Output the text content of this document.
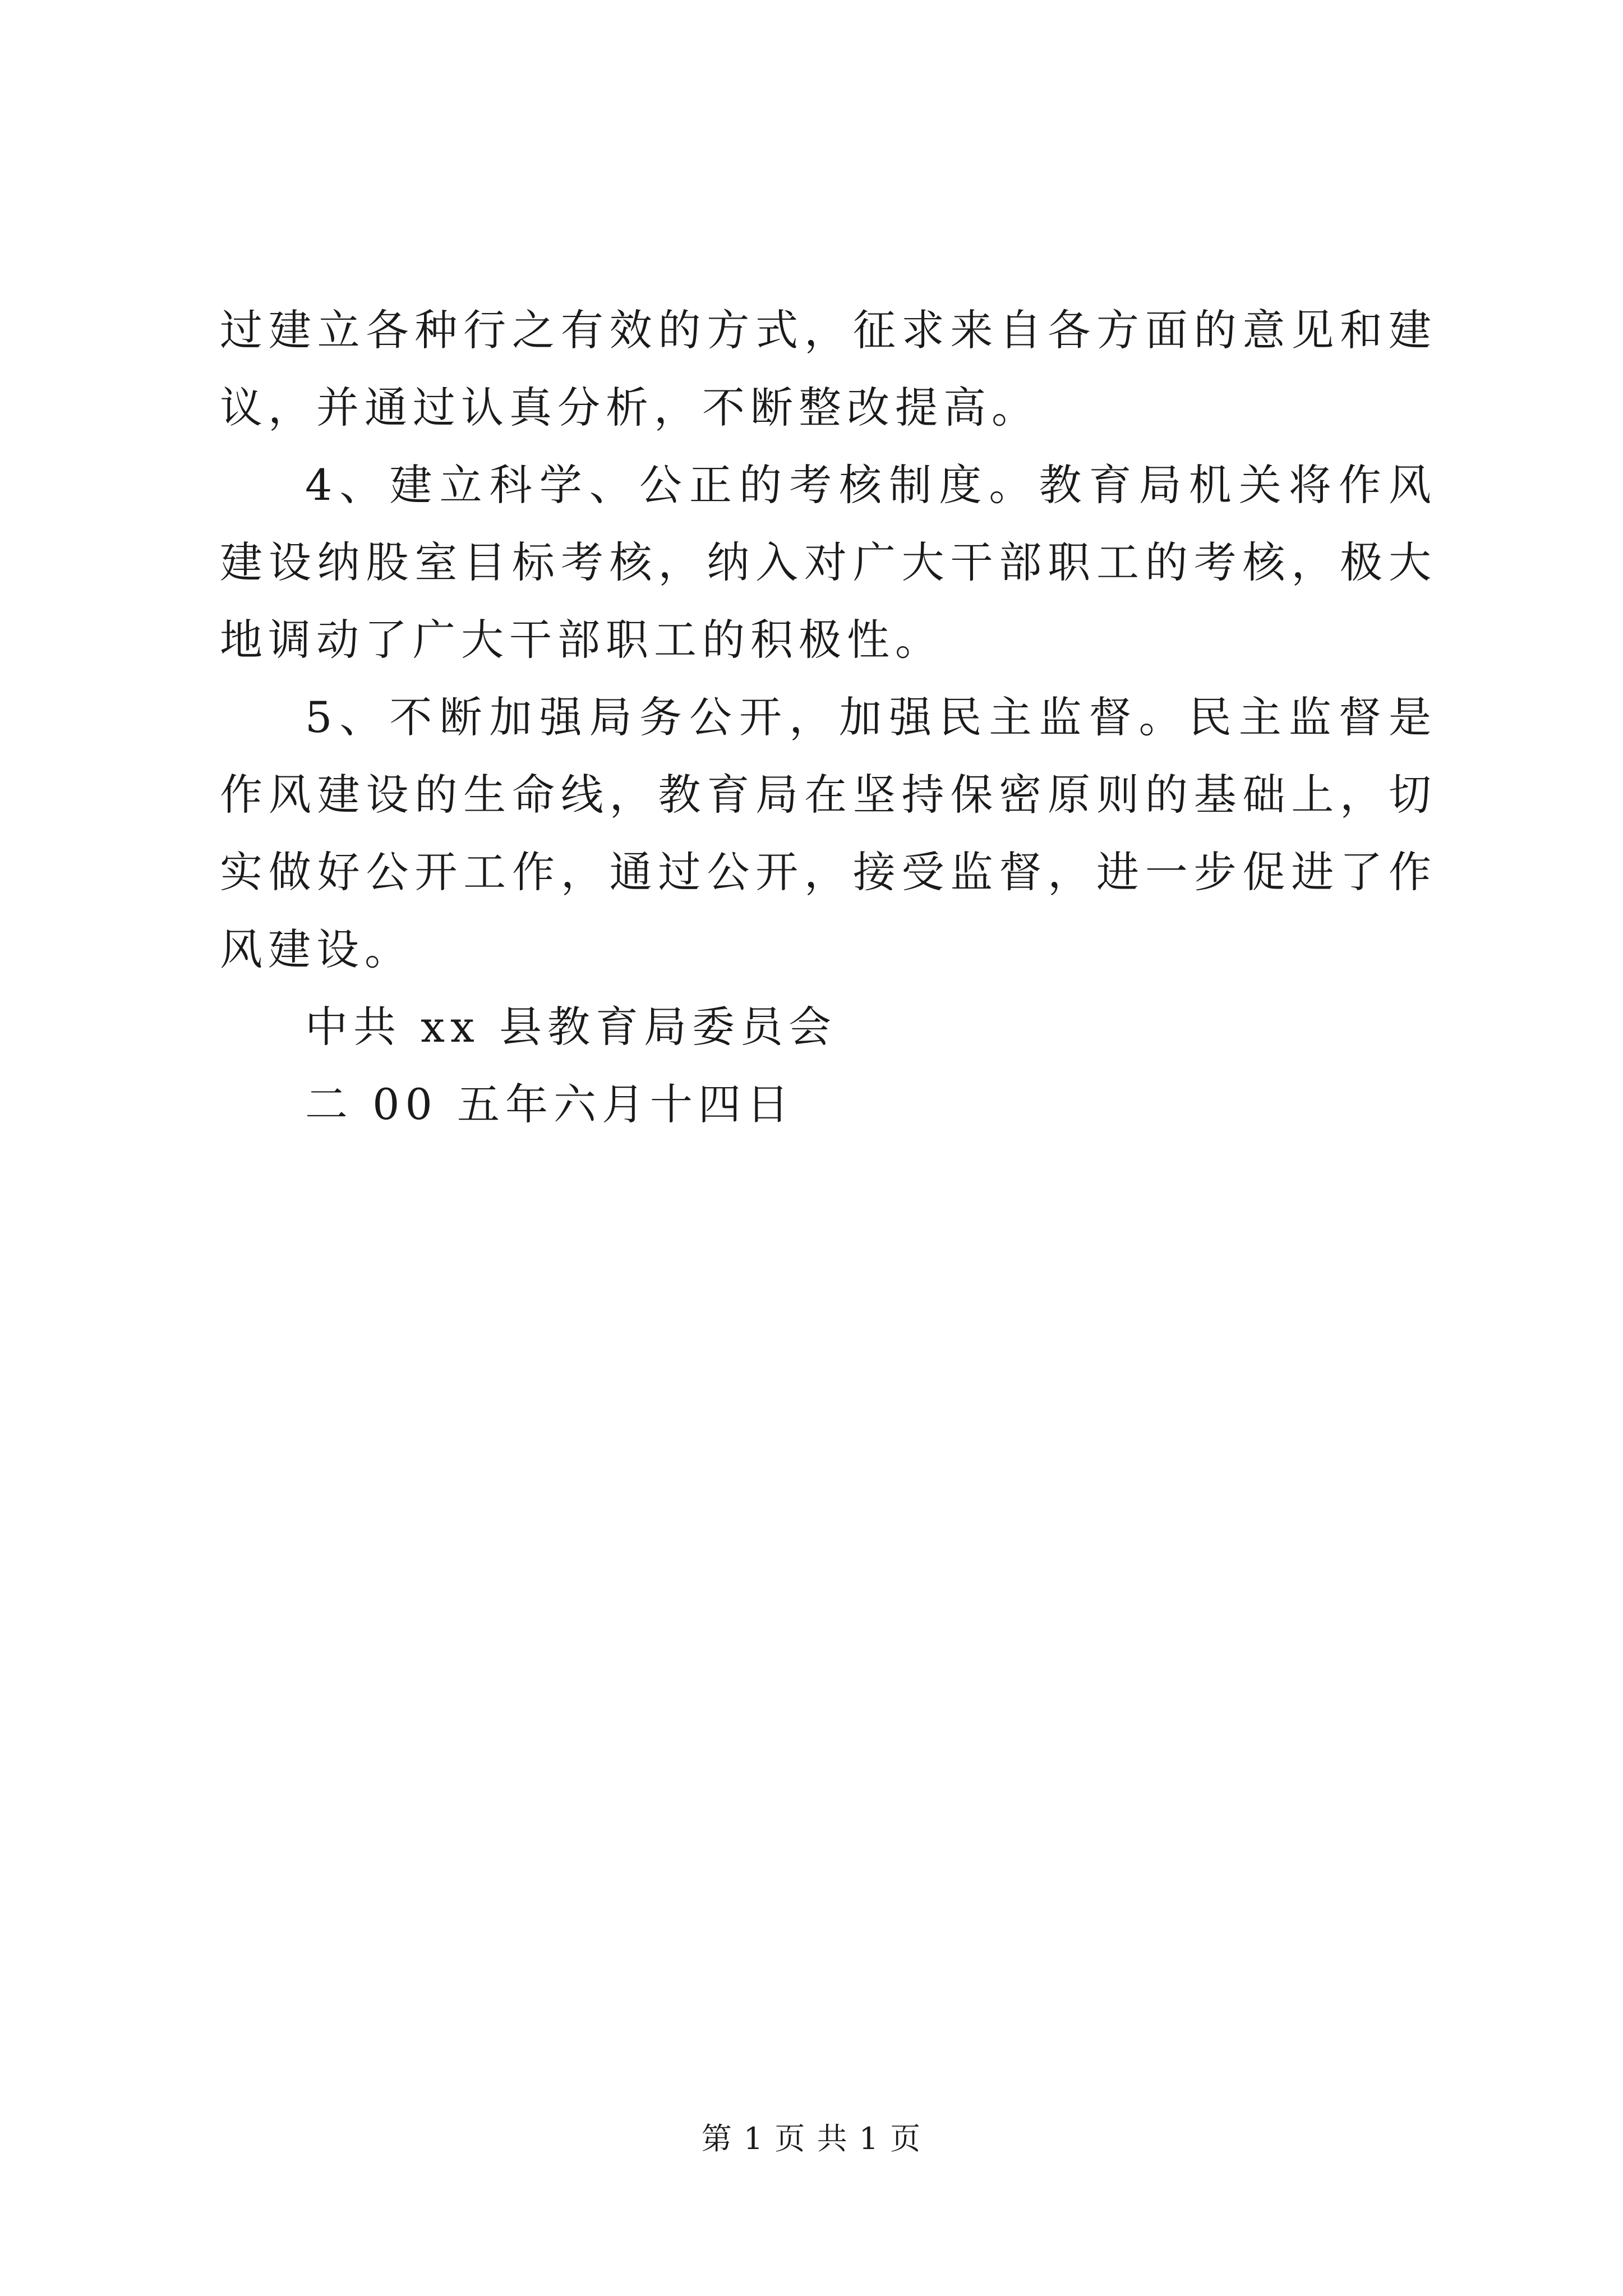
过建立各种行之有效的方式，征求来自各方面的意见和建议，并通过认真分析，不断整改提高。

4、建立科学、公正的考核制度。教育局机关将作风建设纳股室目标考核，纳入对广大干部职工的考核，极大地调动了广大干部职工的积极性。

5、不断加强局务公开，加强民主监督。民主监督是作风建设的生命线，教育局在坚持保密原则的基础上，切实做好公开工作，通过公开，接受监督，进一步促进了作风建设。

中共 xx 县教育局委员会

二 00 五年六月十四日

第 1 页 共 1 页
